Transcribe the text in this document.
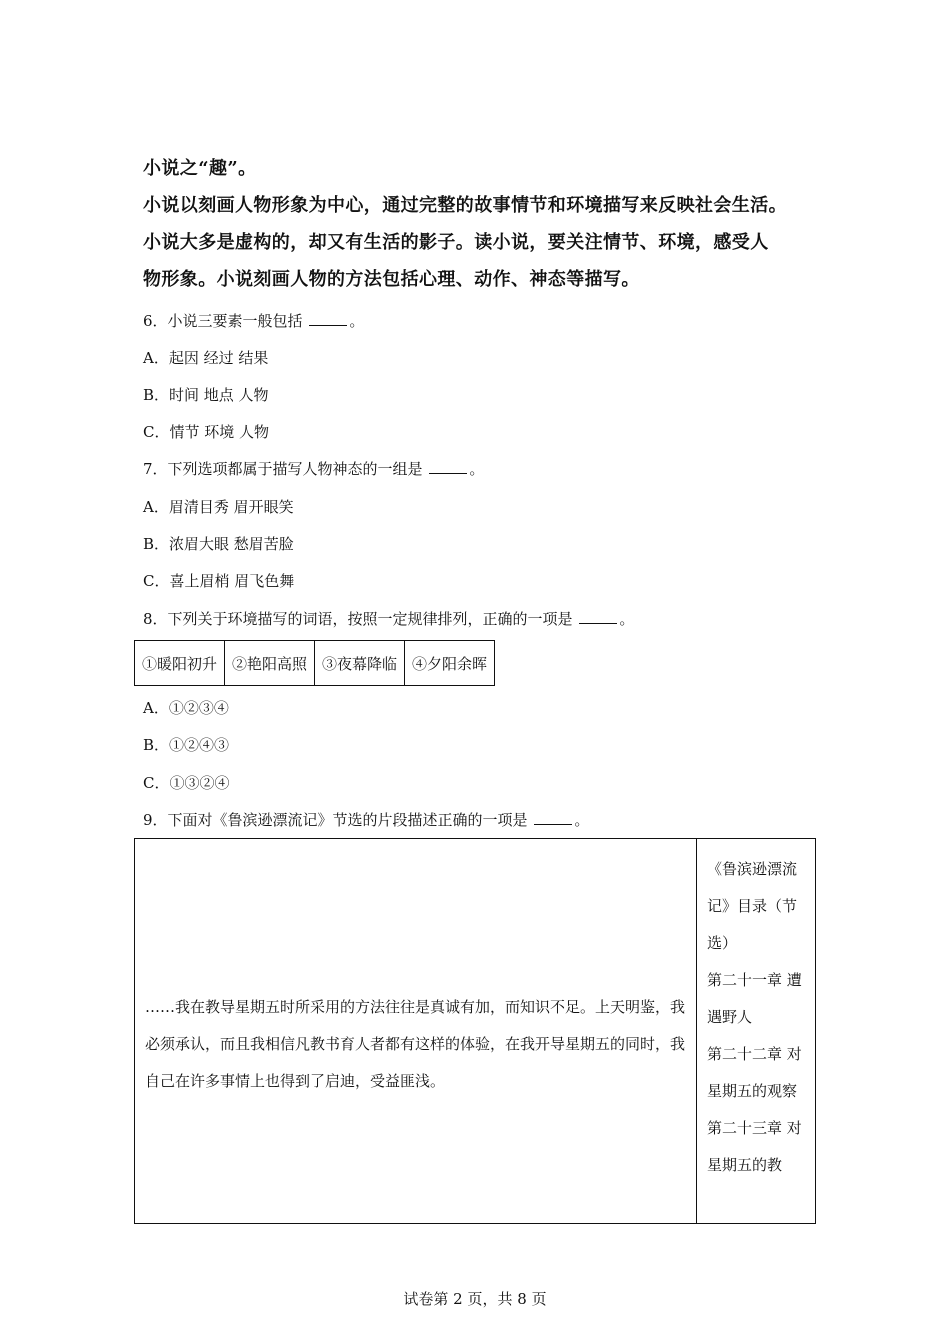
小说之“趣”。

小说以刻画人物形象为中心，通过完整的故事情节和环境描写来反映社会生活。

小说大多是虚构的，却又有生活的影子。读小说，要关注情节、环境，感受人

物形象。小说刻画人物的方法包括心理、动作、神态等描写。

6．小说三要素一般包括	。
A．起因 经过 结果
B．时间 地点 人物
C．情节 环境 人物
7．下列选项都属于描写人物神态的一组是	。
A．眉清目秀 眉开眼笑
B．浓眉大眼 愁眉苦脸
C．喜上眉梢 眉飞色舞
8．下列关于环境描写的词语，按照一定规律排列，正确的一项是	。
①暖阳初升	②艳阳高照	③夜幕降临	④夕阳余晖
A．①②③④
B．①②④③
C．①③②④
9．下面对《鲁滨逊漂流记》节选的片段描述正确的一项是	。
……我在教导星期五时所采用的方法往往是真诚有加，而知识不足。上天明鉴，我必须承认，而且我相信凡教书育人者都有这样的体验，在我开导星期五的同时，我自己在许多事情上也得到了启迪，受益匪浅。
《鲁滨逊漂流记》目录（节选）
第二十一章 遭遇野人
第二十二章 对星期五的观察
第二十三章 对星期五的教
试卷第 2 页，共 8 页
